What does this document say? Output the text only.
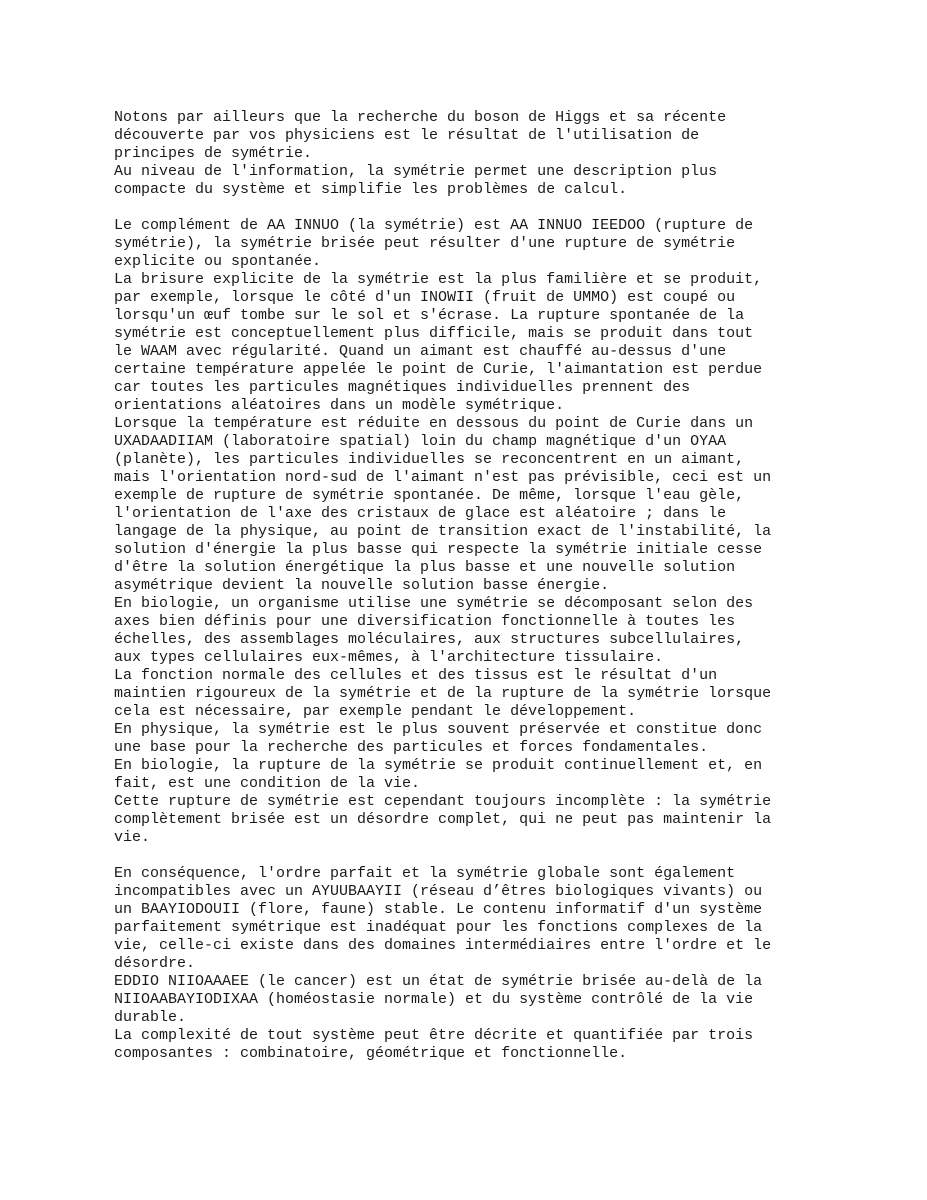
Notons par ailleurs que la recherche du boson de Higgs et sa récente
découverte par vos physiciens est le résultat de l'utilisation de
principes de symétrie.
Au niveau de l'information, la symétrie permet une description plus
compacte du système et simplifie les problèmes de calcul.
Le complément de AA INNUO (la symétrie) est AA INNUO IEEDOO (rupture de
symétrie), la symétrie brisée peut résulter d'une rupture de symétrie
explicite ou spontanée.
La brisure explicite de la symétrie est la plus familière et se produit,
par exemple, lorsque le côté d'un INOWII (fruit de UMMO) est coupé ou
lorsqu'un œuf tombe sur le sol et s'écrase. La rupture spontanée de la
symétrie est conceptuellement plus difficile, mais se produit dans tout
le WAAM avec régularité. Quand un aimant est chauffé au-dessus d'une
certaine température appelée le point de Curie, l'aimantation est perdue
car toutes les particules magnétiques individuelles prennent des
orientations aléatoires dans un modèle symétrique.
Lorsque la température est réduite en dessous du point de Curie dans un
UXADAADIIAM (laboratoire spatial) loin du champ magnétique d'un OYAA
(planète), les particules individuelles se reconcentrent en un aimant,
mais l'orientation nord-sud de l'aimant n'est pas prévisible, ceci est un
exemple de rupture de symétrie spontanée. De même, lorsque l'eau gèle,
l'orientation de l'axe des cristaux de glace est aléatoire ; dans le
langage de la physique, au point de transition exact de l'instabilité, la
solution d'énergie la plus basse qui respecte la symétrie initiale cesse
d'être la solution énergétique la plus basse et une nouvelle solution
asymétrique devient la nouvelle solution basse énergie.
En biologie, un organisme utilise une symétrie se décomposant selon des
axes bien définis pour une diversification fonctionnelle à toutes les
échelles, des assemblages moléculaires, aux structures subcellulaires,
aux types cellulaires eux-mêmes, à l'architecture tissulaire.
La fonction normale des cellules et des tissus est le résultat d'un
maintien rigoureux de la symétrie et de la rupture de la symétrie lorsque
cela est nécessaire, par exemple pendant le développement.
En physique, la symétrie est le plus souvent préservée et constitue donc
une base pour la recherche des particules et forces fondamentales.
En biologie, la rupture de la symétrie se produit continuellement et, en
fait, est une condition de la vie.
Cette rupture de symétrie est cependant toujours incomplète : la symétrie
complètement brisée est un désordre complet, qui ne peut pas maintenir la
vie.
En conséquence, l'ordre parfait et la symétrie globale sont également
incompatibles avec un AYUUBAAYII (réseau d’êtres biologiques vivants) ou
un BAAYIODOUII (flore, faune) stable. Le contenu informatif d'un système
parfaitement symétrique est inadéquat pour les fonctions complexes de la
vie, celle-ci existe dans des domaines intermédiaires entre l'ordre et le
désordre.
EDDIO NIIOAAAEE (le cancer) est un état de symétrie brisée au-delà de la
NIIOAABAYIODIXAA (homéostasie normale) et du système contrôlé de la vie
durable.
La complexité de tout système peut être décrite et quantifiée par trois
composantes : combinatoire, géométrique et fonctionnelle.
